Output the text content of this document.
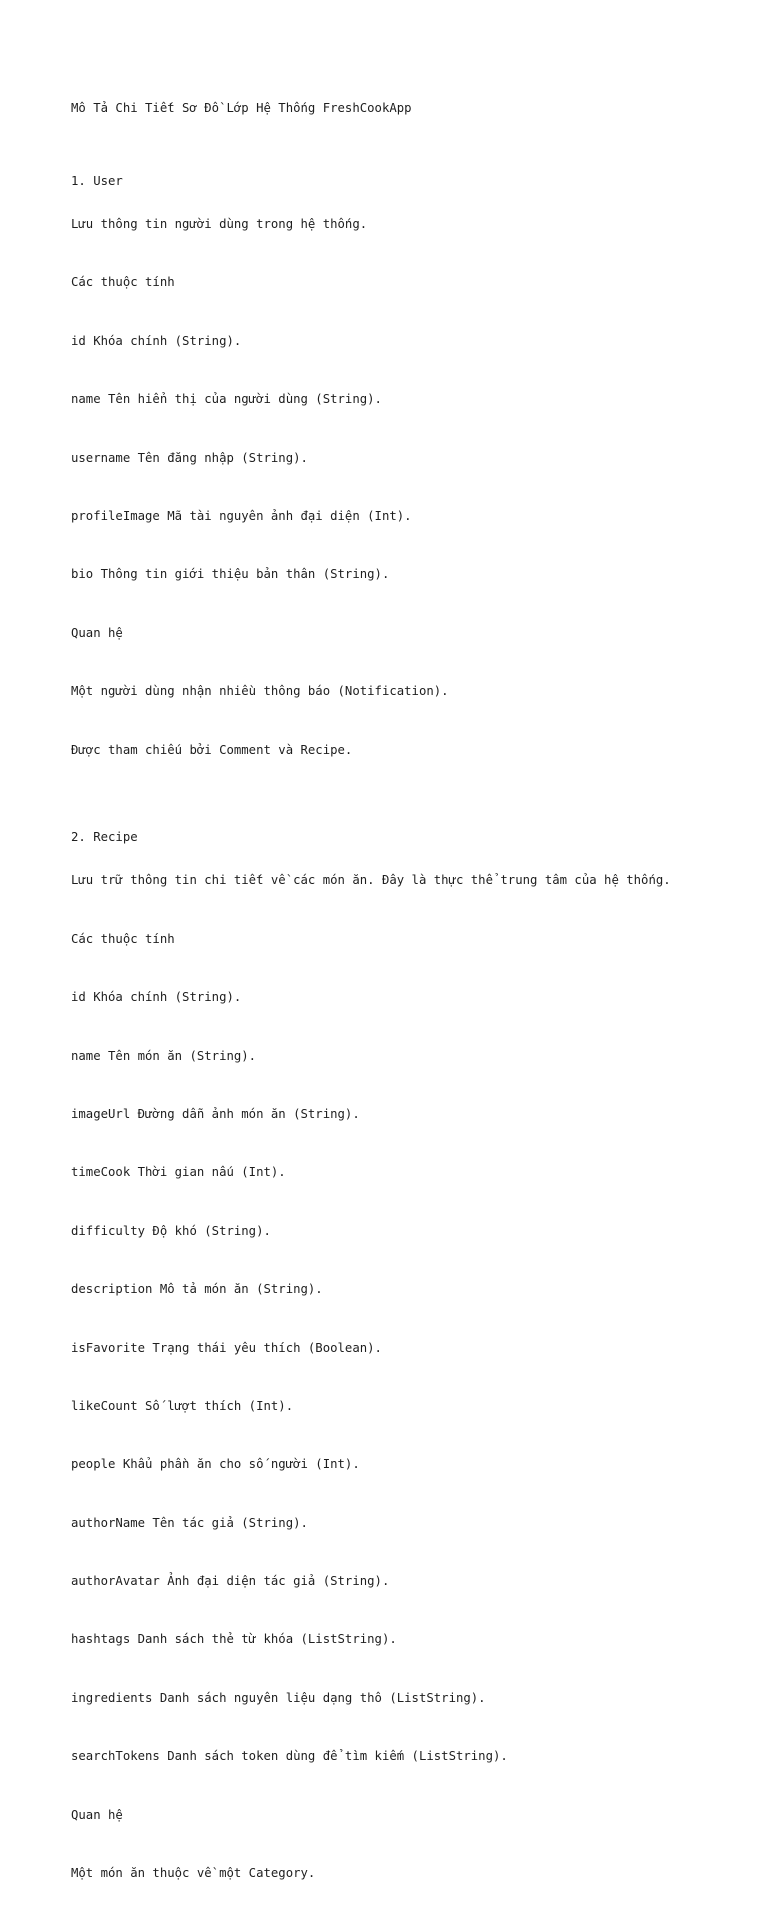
Mô Tả Chi Tiết Sơ Đồ Lớp Hệ Thống FreshCookApp

1. User

Lưu thông tin người dùng trong hệ thống.

Các thuộc tính

id Khóa chính (String).

name Tên hiển thị của người dùng (String).

username Tên đăng nhập (String).

profileImage Mã tài nguyên ảnh đại diện (Int).

bio Thông tin giới thiệu bản thân (String).

Quan hệ

Một người dùng nhận nhiều thông báo (Notification).

Được tham chiếu bởi Comment và Recipe.

2. Recipe

Lưu trữ thông tin chi tiết về các món ăn. Đây là thực thể trung tâm của hệ thống.

Các thuộc tính

id Khóa chính (String).

name Tên món ăn (String).

imageUrl Đường dẫn ảnh món ăn (String).

timeCook Thời gian nấu (Int).

difficulty Độ khó (String).

description Mô tả món ăn (String).

isFavorite Trạng thái yêu thích (Boolean).

likeCount Số lượt thích (Int).

people Khẩu phần ăn cho số người (Int).

authorName Tên tác giả (String).

authorAvatar Ảnh đại diện tác giả (String).

hashtags Danh sách thẻ từ khóa (ListString).

ingredients Danh sách nguyên liệu dạng thô (ListString).

searchTokens Danh sách token dùng để tìm kiếm (ListString).

Quan hệ

Một món ăn thuộc về một Category.
